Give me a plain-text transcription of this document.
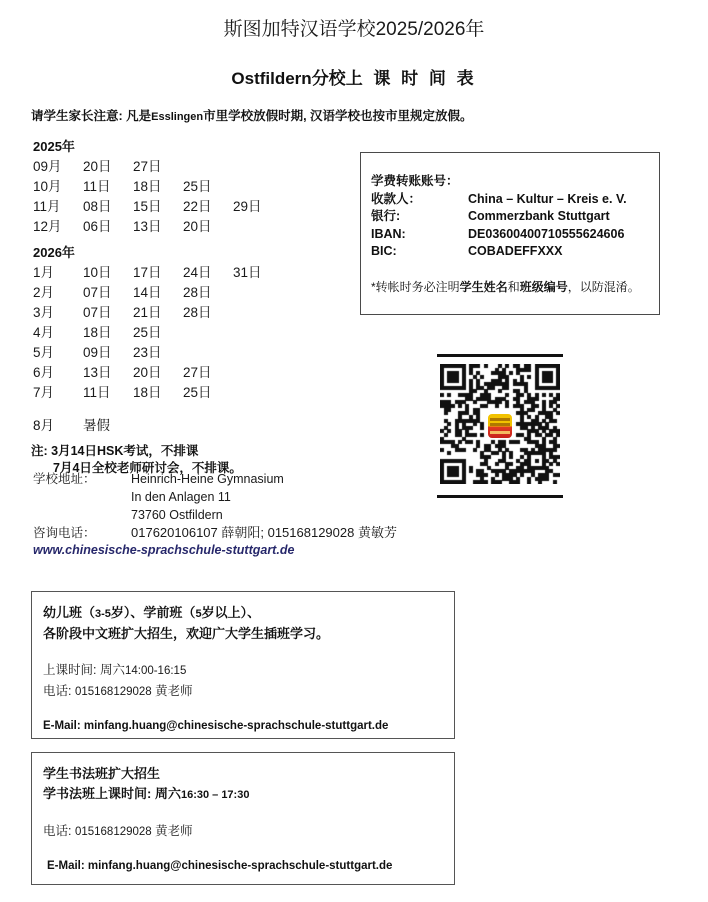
斯图加特汉语学校2025/2026年
Ostfildern分校上 课 时 间 表
请学生家长注意: 凡是Esslingen市里学校放假时期, 汉语学校也按市里规定放假。
2025年
09月	20日	27日		
10月	11日	18日	25日	
11月	08日	15日	22日	29日
12月	06日	13日	20日	
2026年
1月	10日	17日	24日	31日
2月	07日	14日	28日	
3月	07日	21日	28日	
4月	18日	25日		
5月	09日	23日		
6月	13日	20日	27日	
7月	11日	18日	25日	
8月 暑假
注: 3月14日HSK考试，不排课
7月4日全校老师研讨会，不排课。
学校地址：	Heinrich-Heine Gymnasium
In den Anlagen 11
73760 Ostfildern
咨询电话：	017620106107 薛朝阳; 015168129028 黄敏芳
www.chinesische-sprachschule-stuttgart.de
学费转账账号：
收款人：	China – Kultur – Kreis e. V.
银行:	Commerzbank Stuttgart
IBAN:	DE03600400710555624606
BIC:	COBADEFFXXX
*转帐时务必注明学生姓名和班级编号，以防混淆。
幼儿班（3-5岁）、学前班（5岁以上）、
各阶段中文班扩大招生，欢迎广大学生插班学习。
上课时间: 周六14:00-16:15
电话: 015168129028 黄老师
E-Mail: minfang.huang@chinesische-sprachschule-stuttgart.de
学生书法班扩大招生
学书法班上课时间: 周六16:30 – 17:30
电话: 015168129028 黄老师
E-Mail: minfang.huang@chinesische-sprachschule-stuttgart.de
